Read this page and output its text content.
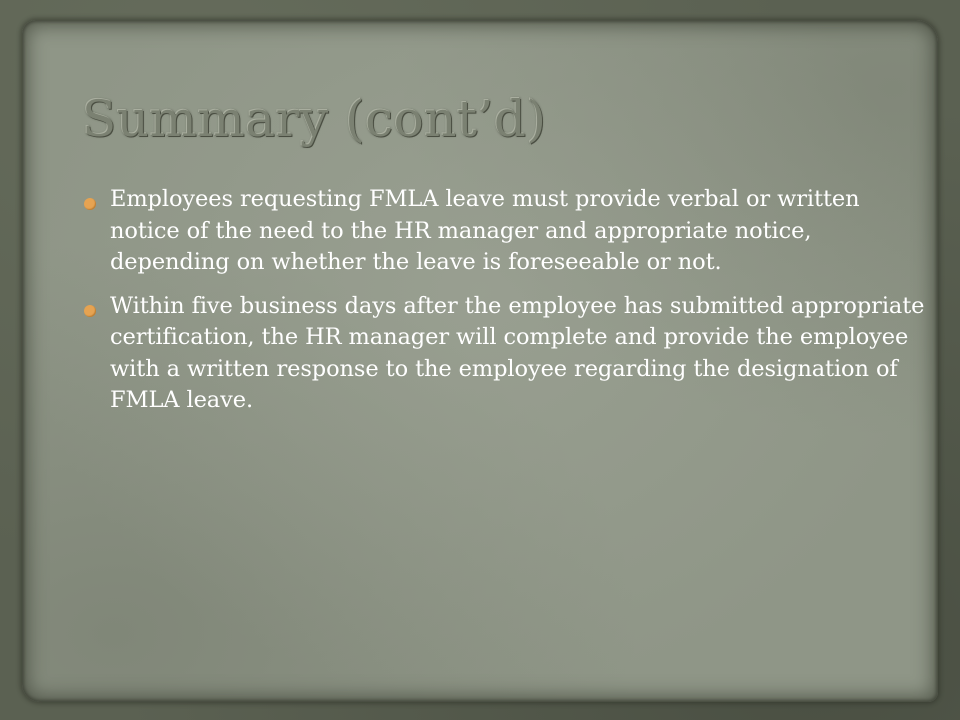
Summary (cont’d)
Employees requesting FMLA leave must provide verbal or written notice of the need to the HR manager and appropriate notice, depending on whether the leave is foreseeable or not.
Within five business days after the employee has submitted appropriate certification, the HR manager will complete and provide the employee with a written response to the employee regarding the designation of FMLA leave.
